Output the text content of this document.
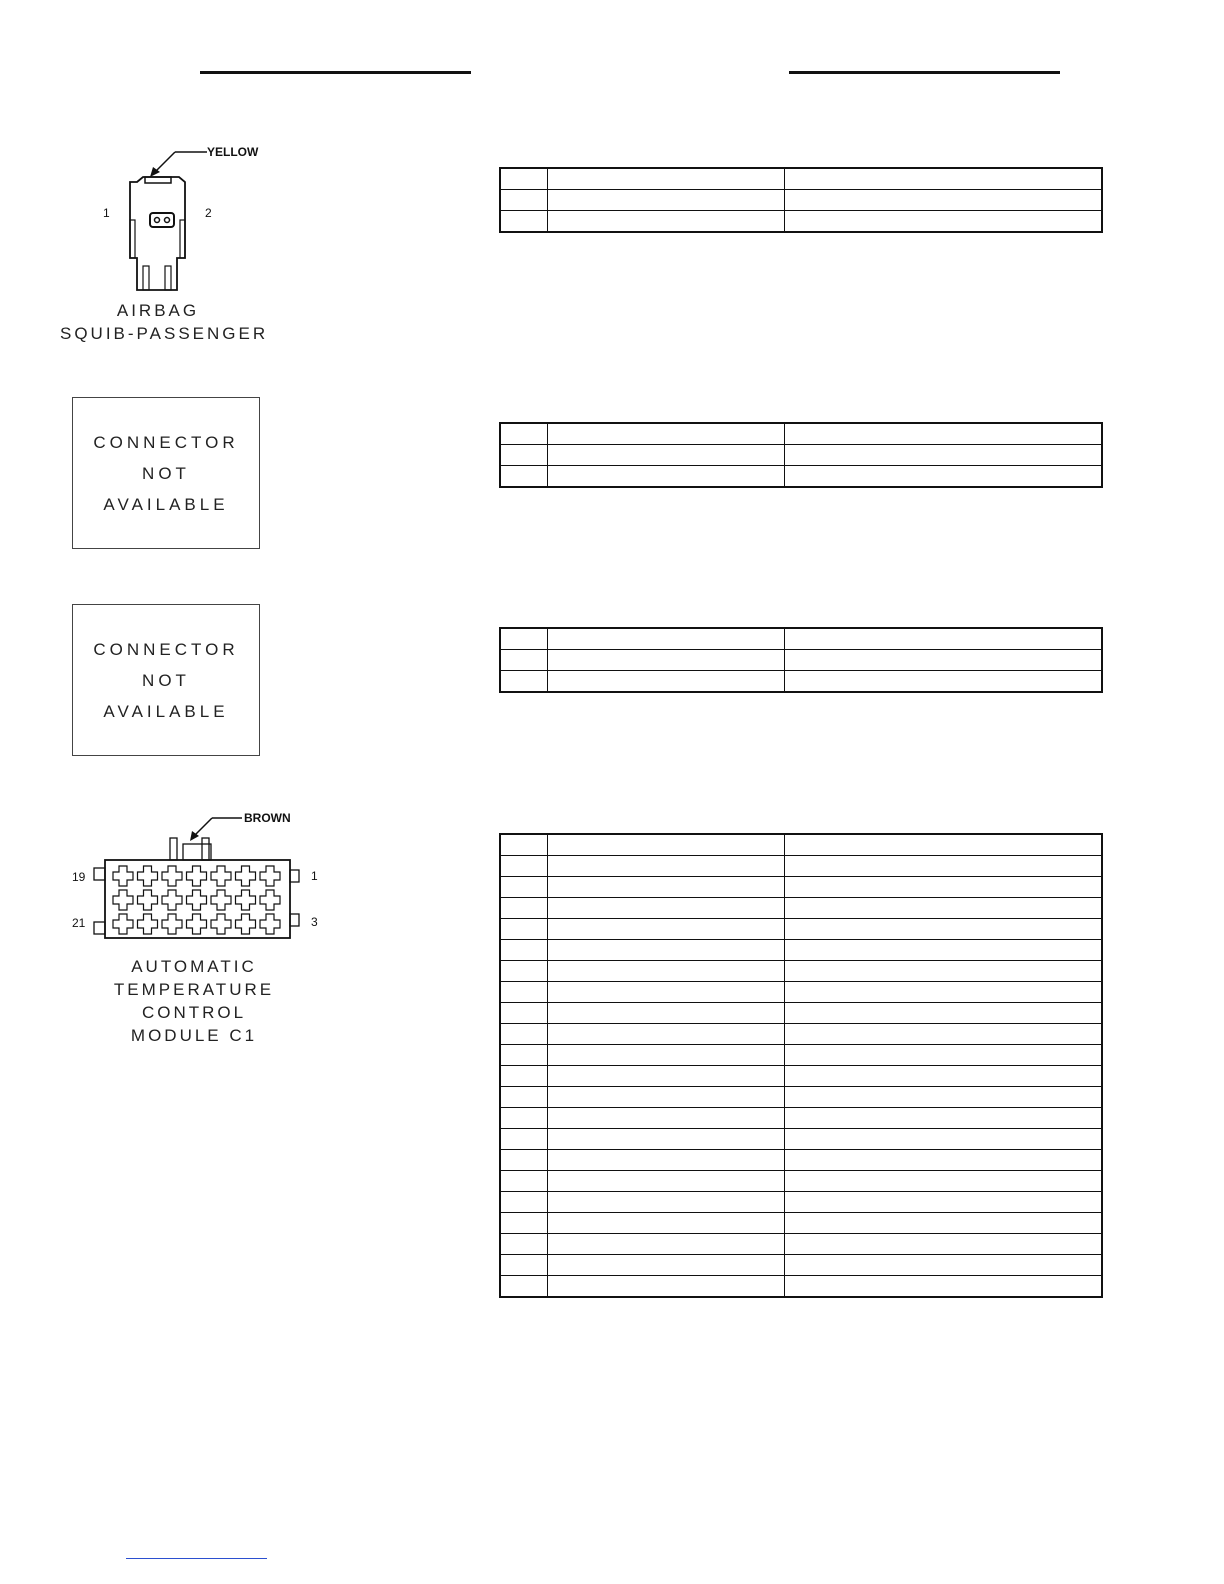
YELLOW
1	2
AIRBAG
SQUIB-PASSENGER

CONNECTOR
NOT
AVAILABLE

CONNECTOR
NOT
AVAILABLE

BROWN
19	1
21	3
AUTOMATIC
TEMPERATURE
CONTROL
MODULE C1
